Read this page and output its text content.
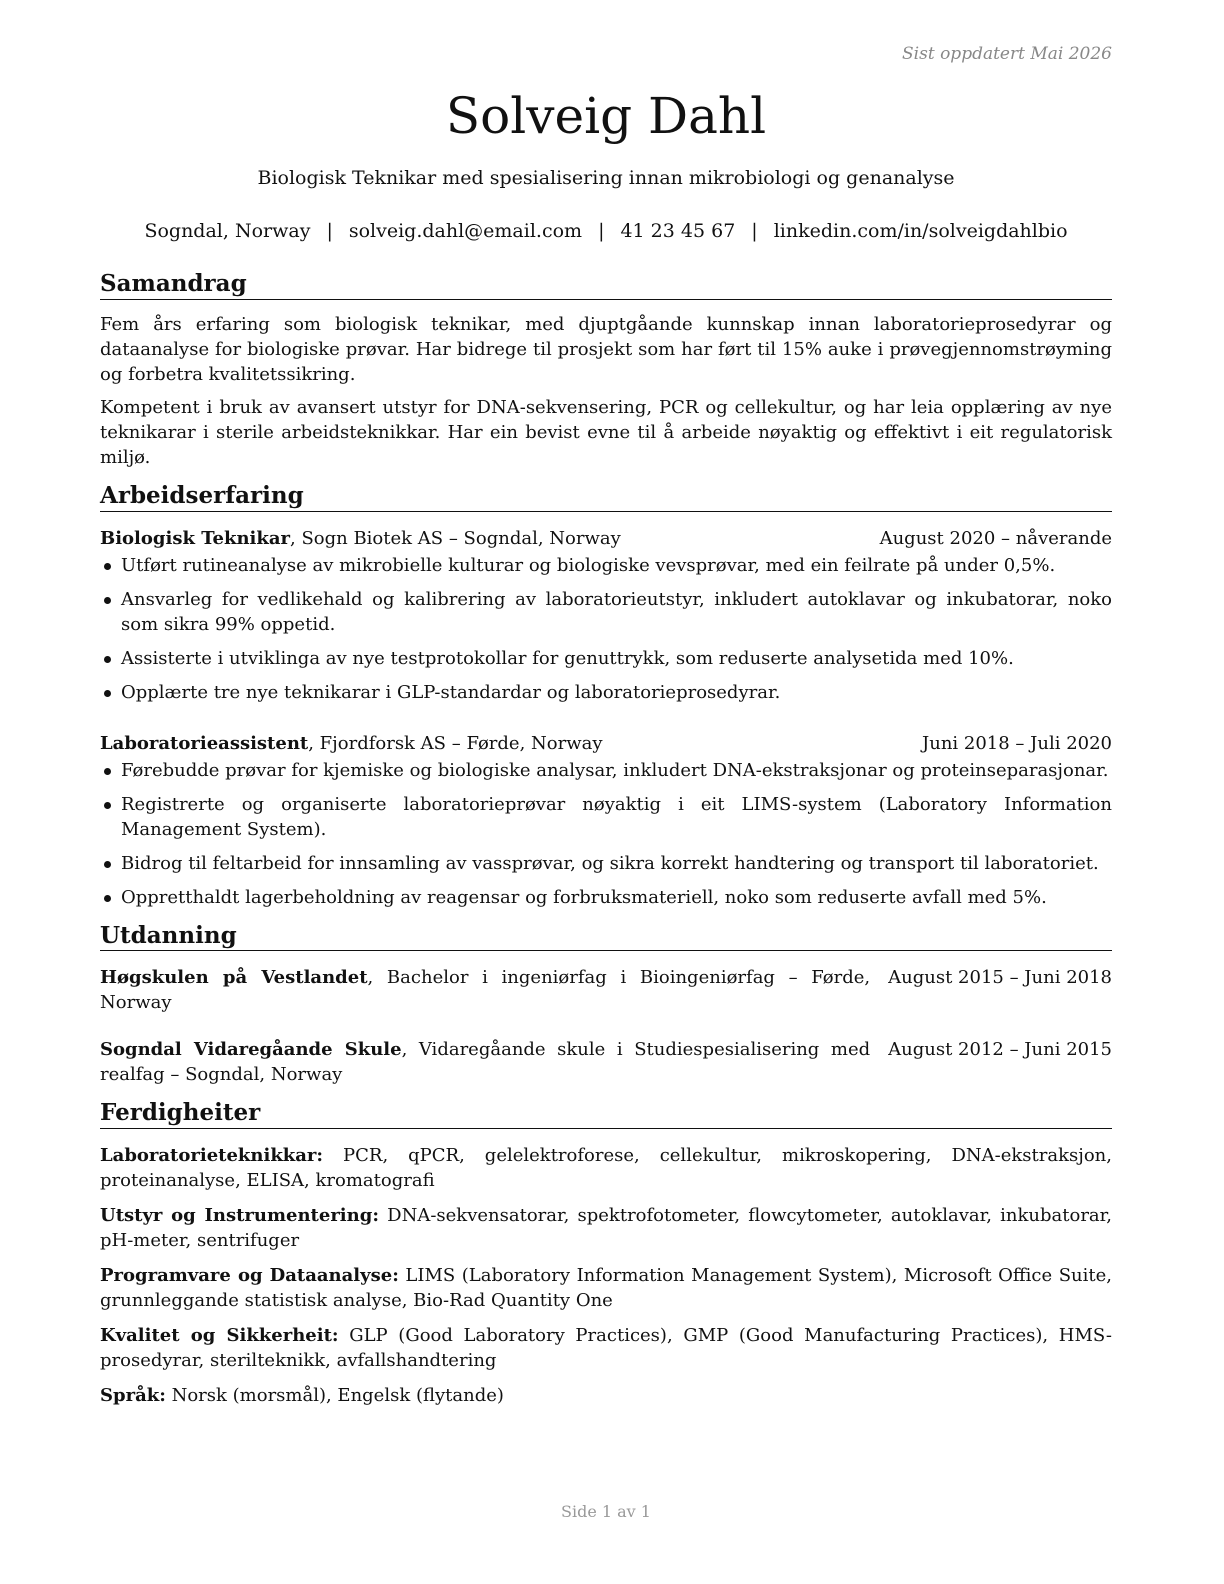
Sist oppdatert Mai 2026
Solveig Dahl

Biologisk Teknikar med spesialisering innan mikrobiologi og genanalyse

Sogndal, Norway | solveig.dahl@email.com | 41 23 45 67 | linkedin.com/in/solveigdahlbio
Samandrag

Fem års erfaring som biologisk teknikar, med djuptgåande kunnskap innan laboratorieprosedyrar og dataanalyse for biologiske prøvar. Har bidrege til prosjekt som har ført til 15% auke i prøvegjennomstrøyming og forbetra kvalitetssikring.

Kompetent i bruk av avansert utstyr for DNA-sekvensering, PCR og cellekultur, og har leia opplæring av nye teknikarar i sterile arbeidsteknikkar. Har ein bevist evne til å arbeide nøyaktig og effektivt i eit regulatorisk miljø.

Arbeidserfaring
Biologisk Teknikar, Sogn Biotek AS – Sogndal, Norway	August 2020 – nåverande
Utført rutineanalyse av mikrobielle kulturar og biologiske vevsprøvar, med ein feilrate på under 0,5%.
Ansvarleg for vedlikehald og kalibrering av laboratorieutstyr, inkludert autoklavar og inkubatorar, noko som sikra 99% oppetid.
Assisterte i utviklinga av nye testprotokollar for genuttrykk, som reduserte analysetida med 10%.
Opplærte tre nye teknikarar i GLP-standardar og laboratorieprosedyrar.
Laboratorieassistent, Fjordforsk AS – Førde, Norway	Juni 2018 – Juli 2020
Førebudde prøvar for kjemiske og biologiske analysar, inkludert DNA-ekstraksjonar og proteinseparasjonar.
Registrerte og organiserte laboratorieprøvar nøyaktig i eit LIMS-system (Laboratory Information Management System).
Bidrog til feltarbeid for innsamling av vassprøvar, og sikra korrekt handtering og transport til laboratoriet.
Oppretthaldt lagerbeholdning av reagensar og forbruksmateriell, noko som reduserte avfall med 5%.
Utdanning
Høgskulen på Vestlandet, Bachelor i ingeniørfag i Bioingeniørfag – Førde, Norway
August 2015 – Juni 2018
Sogndal Vidaregåande Skule, Vidaregåande skule i Studiespesialisering med realfag – Sogndal, Norway
August 2012 – Juni 2015
Ferdigheiter
Laboratorieteknikkar: PCR, qPCR, gelelektroforese, cellekultur, mikroskopering, DNA-ekstraksjon, proteinanalyse, ELISA, kromatografi
Utstyr og Instrumentering: DNA-sekvensatorar, spektrofotometer, flowcytometer, autoklavar, inkubatorar, pH-meter, sentrifuger
Programvare og Dataanalyse: LIMS (Laboratory Information Management System), Microsoft Office Suite, grunnleggande statistisk analyse, Bio-Rad Quantity One
Kvalitet og Sikkerheit: GLP (Good Laboratory Practices), GMP (Good Manufacturing Practices), HMS-prosedyrar, sterilteknikk, avfallshandtering
Språk: Norsk (morsmål), Engelsk (flytande)
Side 1 av 1
